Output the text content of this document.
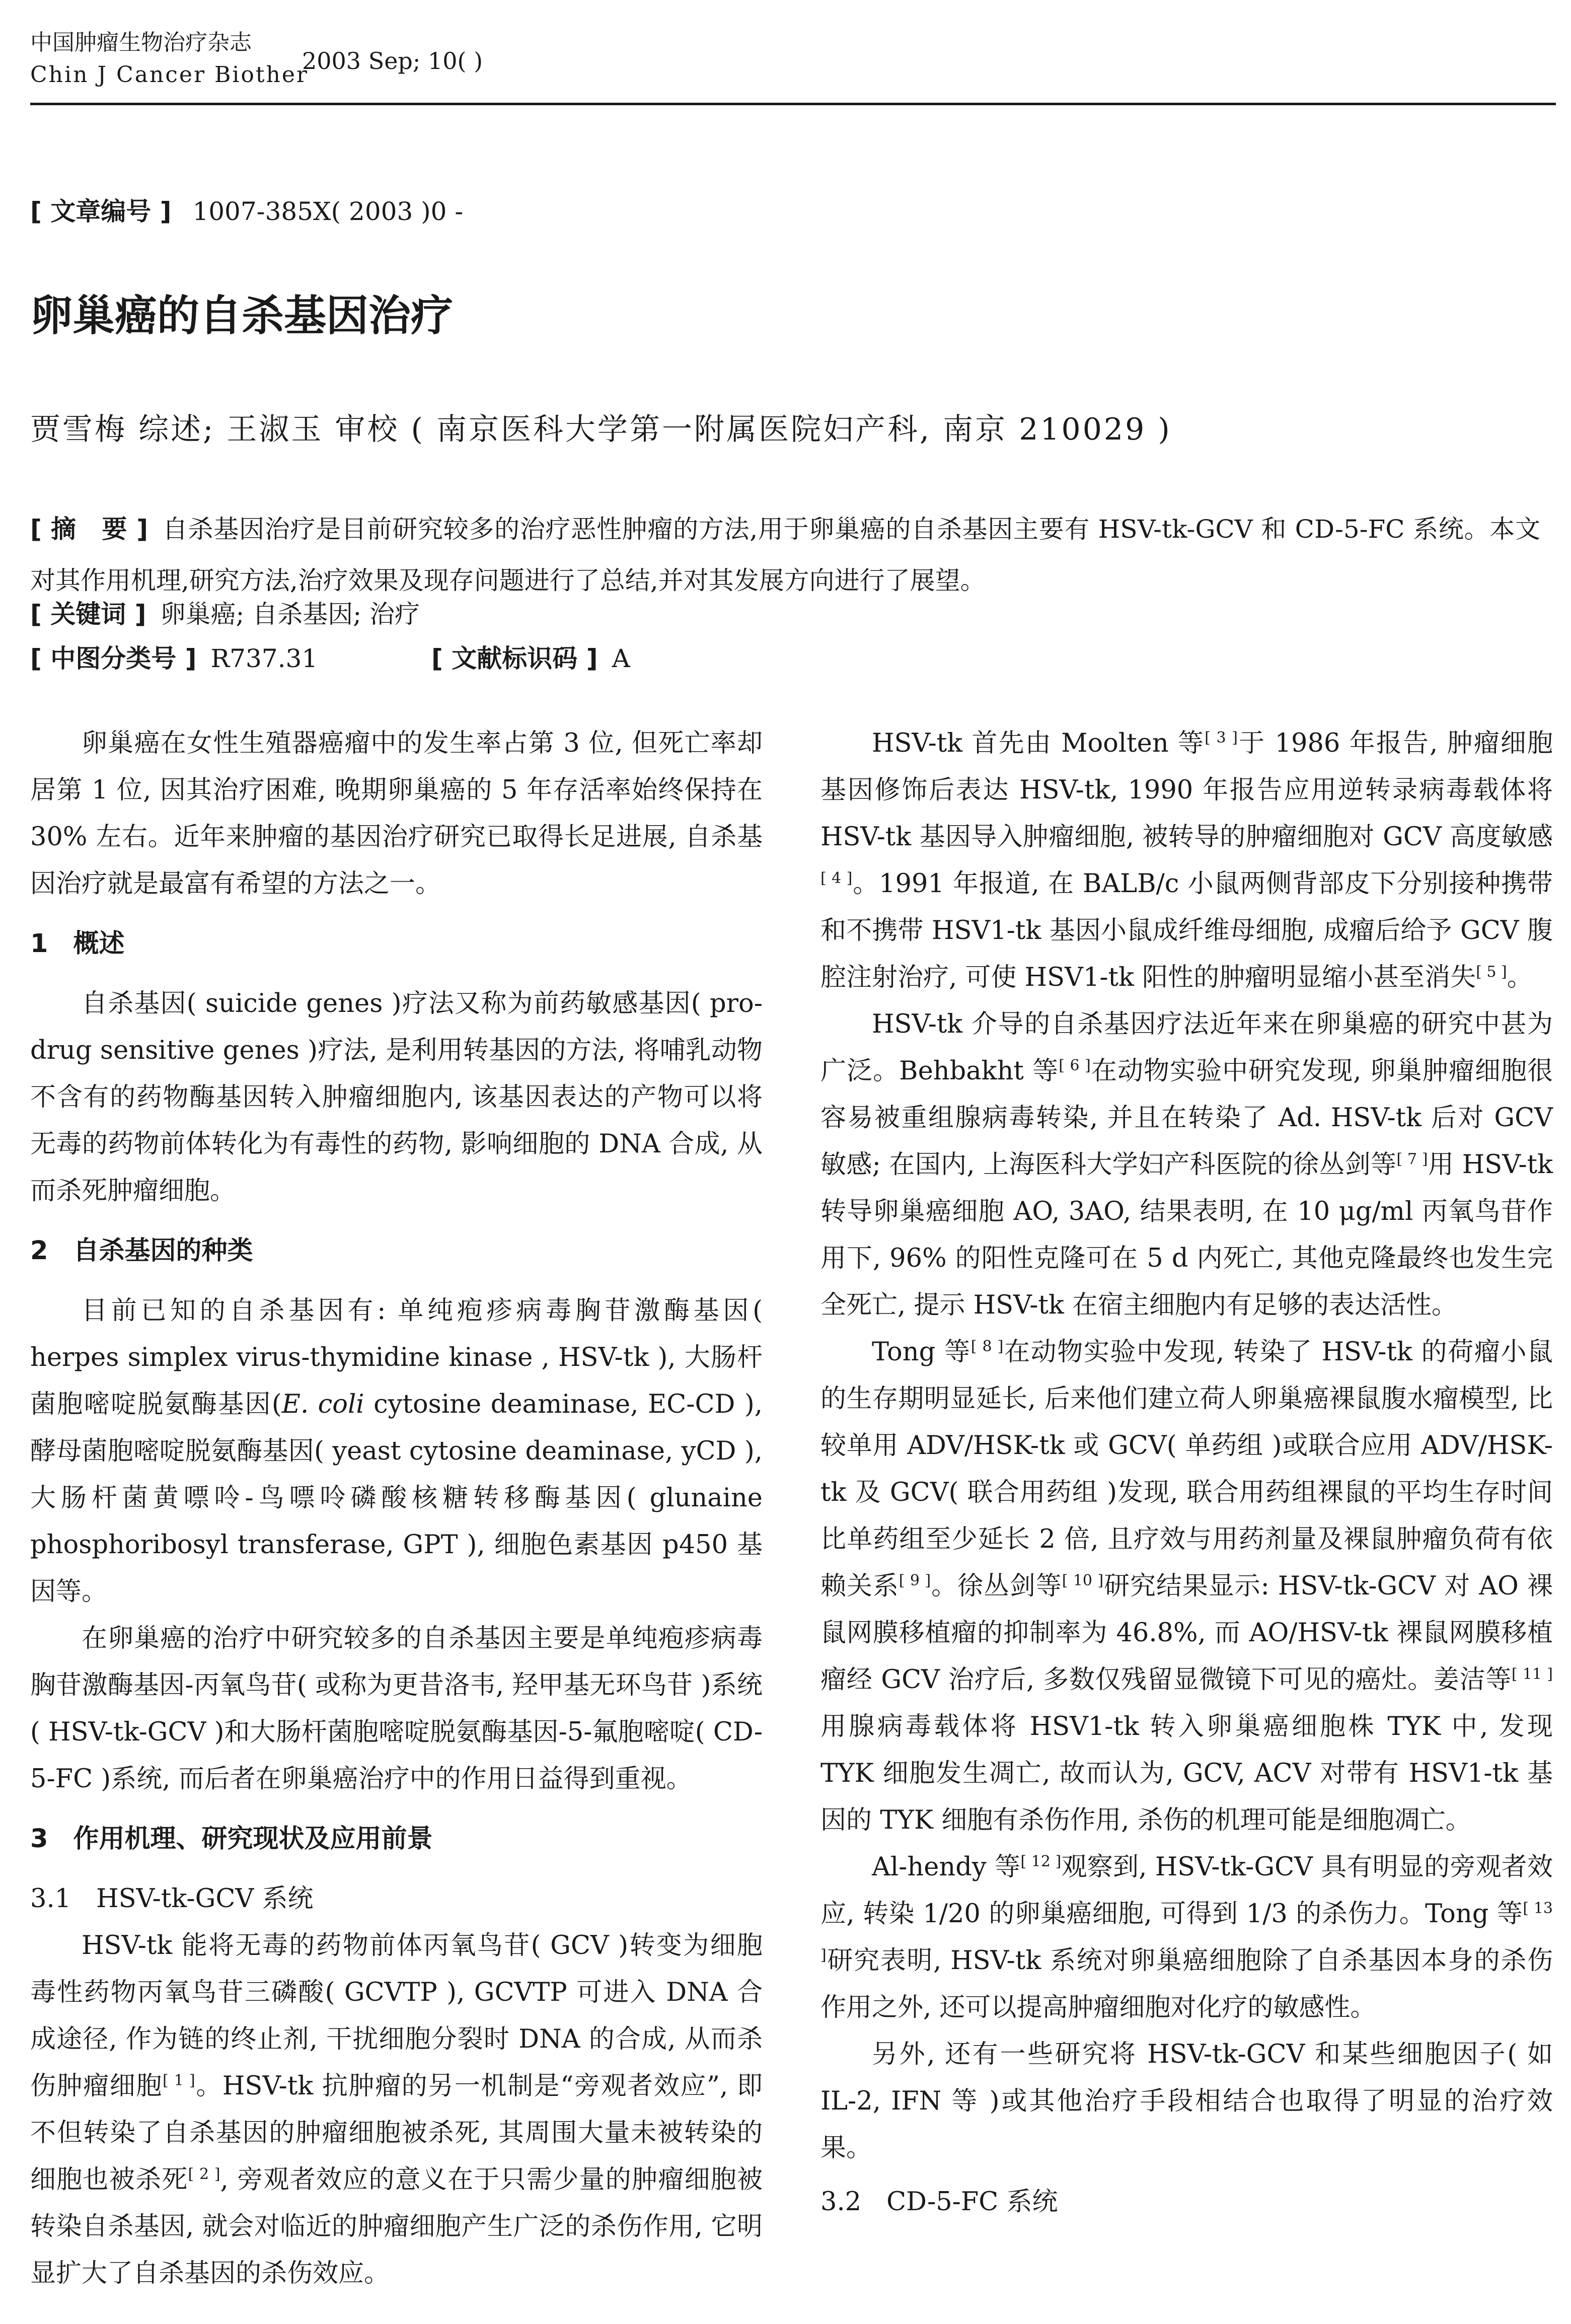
中国肿瘤生物治疗杂志
Chin J Cancer Biother
2003 Sep; 10( )
[ 文章编号 ] 1007-385X( 2003 )0 -
卵巢癌的自杀基因治疗
贾雪梅 综述; 王淑玉 审校 ( 南京医科大学第一附属医院妇产科, 南京 210029 )
[ 摘　要 ] 自杀基因治疗是目前研究较多的治疗恶性肿瘤的方法,用于卵巢癌的自杀基因主要有 HSV-tk-GCV 和 CD-5-FC 系统。本文对其作用机理,研究方法,治疗效果及现存问题进行了总结,并对其发展方向进行了展望。
[ 关键词 ] 卵巢癌; 自杀基因; 治疗
[ 中图分类号 ] R737.31	[ 文献标识码 ] A

卵巢癌在女性生殖器癌瘤中的发生率占第 3 位, 但死亡率却居第 1 位, 因其治疗困难, 晚期卵巢癌的 5 年存活率始终保持在 30% 左右。近年来肿瘤的基因治疗研究已取得长足进展, 自杀基因治疗就是最富有希望的方法之一。

1 概述

自杀基因( suicide genes )疗法又称为前药敏感基因( pro-drug sensitive genes )疗法, 是利用转基因的方法, 将哺乳动物不含有的药物酶基因转入肿瘤细胞内, 该基因表达的产物可以将无毒的药物前体转化为有毒性的药物, 影响细胞的 DNA 合成, 从而杀死肿瘤细胞。

2 自杀基因的种类

目前已知的自杀基因有: 单纯疱疹病毒胸苷激酶基因( herpes simplex virus-thymidine kinase , HSV-tk ), 大肠杆菌胞嘧啶脱氨酶基因(E. coli cytosine deaminase, EC-CD ), 酵母菌胞嘧啶脱氨酶基因( yeast cytosine deaminase, yCD ), 大肠杆菌黄嘌呤-鸟嘌呤磷酸核糖转移酶基因( glunaine phosphoribosyl transferase, GPT ), 细胞色素基因 p450 基因等。

在卵巢癌的治疗中研究较多的自杀基因主要是单纯疱疹病毒胸苷激酶基因-丙氧鸟苷( 或称为更昔洛韦, 羟甲基无环鸟苷 )系统( HSV-tk-GCV )和大肠杆菌胞嘧啶脱氨酶基因-5-氟胞嘧啶( CD-5-FC )系统, 而后者在卵巢癌治疗中的作用日益得到重视。

3 作用机理、研究现状及应用前景
3.1 HSV-tk-GCV 系统

HSV-tk 能将无毒的药物前体丙氧鸟苷( GCV )转变为细胞毒性药物丙氧鸟苷三磷酸( GCVTP ), GCVTP 可进入 DNA 合成途径, 作为链的终止剂, 干扰细胞分裂时 DNA 的合成, 从而杀伤肿瘤细胞[ 1 ]。HSV-tk 抗肿瘤的另一机制是“旁观者效应”, 即不但转染了自杀基因的肿瘤细胞被杀死, 其周围大量未被转染的细胞也被杀死[ 2 ], 旁观者效应的意义在于只需少量的肿瘤细胞被转染自杀基因, 就会对临近的肿瘤细胞产生广泛的杀伤作用, 它明显扩大了自杀基因的杀伤效应。

HSV-tk 首先由 Moolten 等[ 3 ]于 1986 年报告, 肿瘤细胞基因修饰后表达 HSV-tk, 1990 年报告应用逆转录病毒载体将 HSV-tk 基因导入肿瘤细胞, 被转导的肿瘤细胞对 GCV 高度敏感[ 4 ]。1991 年报道, 在 BALB/c 小鼠两侧背部皮下分别接种携带和不携带 HSV1-tk 基因小鼠成纤维母细胞, 成瘤后给予 GCV 腹腔注射治疗, 可使 HSV1-tk 阳性的肿瘤明显缩小甚至消失[ 5 ]。

HSV-tk 介导的自杀基因疗法近年来在卵巢癌的研究中甚为广泛。Behbakht 等[ 6 ]在动物实验中研究发现, 卵巢肿瘤细胞很容易被重组腺病毒转染, 并且在转染了 Ad. HSV-tk 后对 GCV 敏感; 在国内, 上海医科大学妇产科医院的徐丛剑等[ 7 ]用 HSV-tk 转导卵巢癌细胞 AO, 3AO, 结果表明, 在 10 μg/ml 丙氧鸟苷作用下, 96% 的阳性克隆可在 5 d 内死亡, 其他克隆最终也发生完全死亡, 提示 HSV-tk 在宿主细胞内有足够的表达活性。

Tong 等[ 8 ]在动物实验中发现, 转染了 HSV-tk 的荷瘤小鼠的生存期明显延长, 后来他们建立荷人卵巢癌裸鼠腹水瘤模型, 比较单用 ADV/HSK-tk 或 GCV( 单药组 )或联合应用 ADV/HSK-tk 及 GCV( 联合用药组 )发现, 联合用药组裸鼠的平均生存时间比单药组至少延长 2 倍, 且疗效与用药剂量及裸鼠肿瘤负荷有依赖关系[ 9 ]。徐丛剑等[ 10 ]研究结果显示: HSV-tk-GCV 对 AO 裸鼠网膜移植瘤的抑制率为 46.8%, 而 AO/HSV-tk 裸鼠网膜移植瘤经 GCV 治疗后, 多数仅残留显微镜下可见的癌灶。姜洁等[ 11 ]用腺病毒载体将 HSV1-tk 转入卵巢癌细胞株 TYK 中, 发现 TYK 细胞发生凋亡, 故而认为, GCV, ACV 对带有 HSV1-tk 基因的 TYK 细胞有杀伤作用, 杀伤的机理可能是细胞凋亡。

Al-hendy 等[ 12 ]观察到, HSV-tk-GCV 具有明显的旁观者效应, 转染 1/20 的卵巢癌细胞, 可得到 1/3 的杀伤力。Tong 等[ 13 ]研究表明, HSV-tk 系统对卵巢癌细胞除了自杀基因本身的杀伤作用之外, 还可以提高肿瘤细胞对化疗的敏感性。

另外, 还有一些研究将 HSV-tk-GCV 和某些细胞因子( 如 IL-2, IFN 等 )或其他治疗手段相结合也取得了明显的治疗效果。

3.2 CD-5-FC 系统
